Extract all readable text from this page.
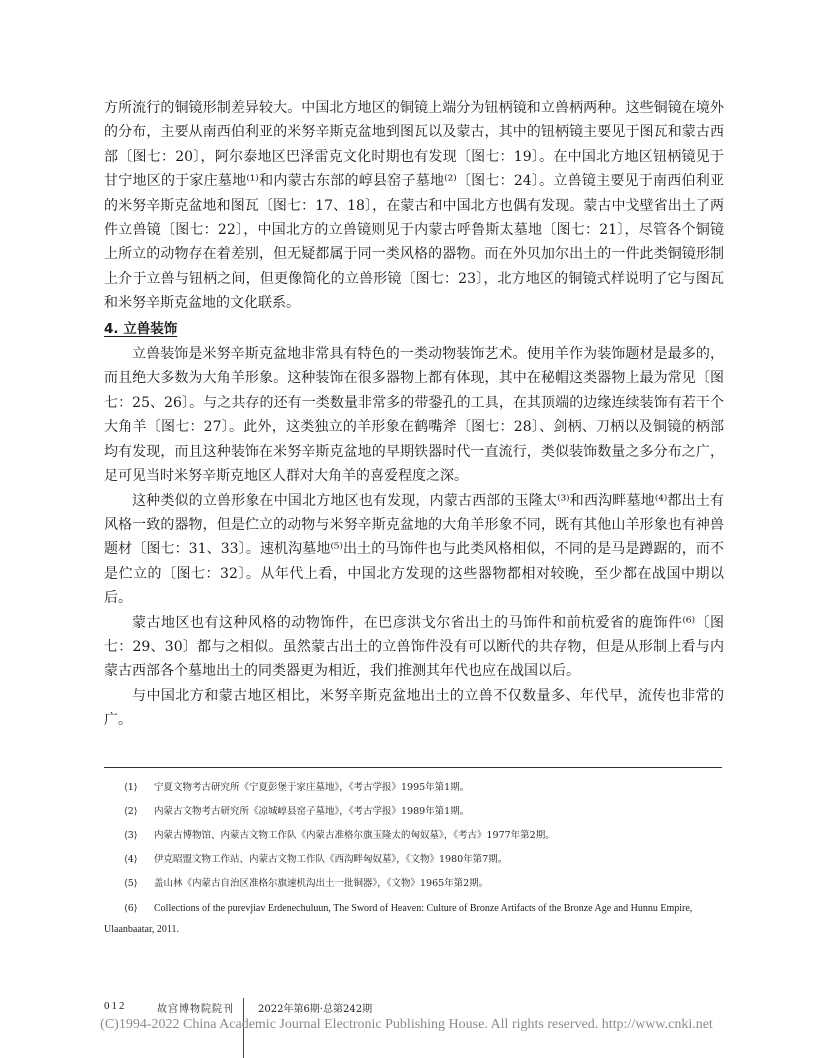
方所流行的铜镜形制差异较大。中国北方地区的铜镜上端分为钮柄镜和立兽柄两种。这些铜镜在境外的分布，主要从南西伯利亚的米努辛斯克盆地到图瓦以及蒙古，其中的钮柄镜主要见于图瓦和蒙古西部〔图七：20〕，阿尔泰地区巴泽雷克文化时期也有发现〔图七：19〕。在中国北方地区钮柄镜见于甘宁地区的于家庄墓地⁽¹⁾和内蒙古东部的崞县窑子墓地⁽²⁾〔图七：24〕。立兽镜主要见于南西伯利亚的米努辛斯克盆地和图瓦〔图七：17、18〕，在蒙古和中国北方也偶有发现。蒙古中戈壁省出土了两件立兽镜〔图七：22〕，中国北方的立兽镜则见于内蒙古呼鲁斯太墓地〔图七：21〕，尽管各个铜镜上所立的动物存在着差别，但无疑都属于同一类风格的器物。而在外贝加尔出土的一件此类铜镜形制上介于立兽与钮柄之间，但更像简化的立兽形镜〔图七：23〕，北方地区的铜镜式样说明了它与图瓦和米努辛斯克盆地的文化联系。

4. 立兽装饰

立兽装饰是米努辛斯克盆地非常具有特色的一类动物装饰艺术。使用羊作为装饰题材是最多的，而且绝大多数为大角羊形象。这种装饰在很多器物上都有体现，其中在秘帽这类器物上最为常见〔图七：25、26〕。与之共存的还有一类数量非常多的带銎孔的工具，在其顶端的边缘连续装饰有若干个大角羊〔图七：27〕。此外，这类独立的羊形象在鹤嘴斧〔图七：28〕、剑柄、刀柄以及铜镜的柄部均有发现，而且这种装饰在米努辛斯克盆地的早期铁器时代一直流行，类似装饰数量之多分布之广，足可见当时米努辛斯克地区人群对大角羊的喜爱程度之深。

这种类似的立兽形象在中国北方地区也有发现，内蒙古西部的玉隆太⁽³⁾和西沟畔墓地⁽⁴⁾都出土有风格一致的器物，但是伫立的动物与米努辛斯克盆地的大角羊形象不同，既有其他山羊形象也有神兽题材〔图七：31、33〕。速机沟墓地⁽⁵⁾出土的马饰件也与此类风格相似，不同的是马是蹲踞的，而不是伫立的〔图七：32〕。从年代上看，中国北方发现的这些器物都相对较晚，至少都在战国中期以后。

蒙古地区也有这种风格的动物饰件，在巴彦洪戈尔省出土的马饰件和前杭爱省的鹿饰件⁽⁶⁾〔图七：29、30〕都与之相似。虽然蒙古出土的立兽饰件没有可以断代的共存物，但是从形制上看与内蒙古西部各个墓地出土的同类器更为相近，我们推测其年代也应在战国以后。

与中国北方和蒙古地区相比，米努辛斯克盆地出土的立兽不仅数量多、年代早，流传也非常的广。

⟨1⟩ 宁夏文物考古研究所《宁夏彭堡于家庄墓地》，《考古学报》1995年第1期。
⟨2⟩ 内蒙古文物考古研究所《凉城崞县窑子墓地》，《考古学报》1989年第1期。
⟨3⟩ 内蒙古博物馆、内蒙古文物工作队《内蒙古准格尔旗玉隆太的匈奴墓》，《考古》1977年第2期。
⟨4⟩ 伊克昭盟文物工作站、内蒙古文物工作队《西沟畔匈奴墓》，《文物》1980年第7期。
⟨5⟩ 盖山林《内蒙古自治区准格尔旗速机沟出土一批铜器》，《文物》1965年第2期。
⟨6⟩	Collections of the purevjiav Erdenechuluun, The Sword of Heaven: Culture of Bronze Artifacts of the Bronze Age and Hunnu Empire, Ulaanbaatar, 2011.
012	故宫博物院院刊 2022年第6期·总第242期
(C)1994-2022 China Academic Journal Electronic Publishing House. All rights reserved. http://www.cnki.net
